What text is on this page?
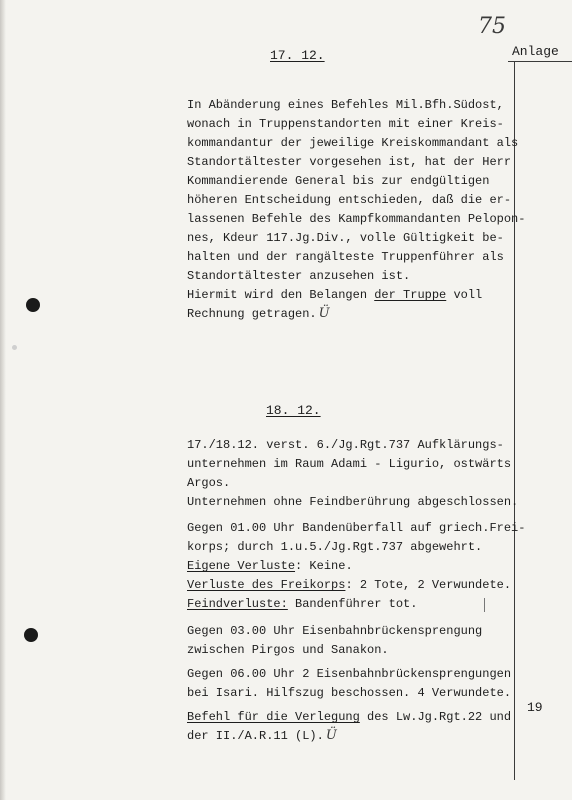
75
Anlage
17. 12.
In Abänderung eines Befehles Mil.Bfh.Südost,
wonach in Truppenstandorten mit einer Kreis-
kommandantur der jeweilige Kreiskommandant als
Standortältester vorgesehen ist, hat der Herr
Kommandierende General bis zur endgültigen
höheren Entscheidung entschieden, daß die er-
lassenen Befehle des Kampfkommandanten Pelopon-
nes, Kdeur 117.Jg.Div., volle Gültigkeit be-
halten und der rangälteste Truppenführer als
Standortältester anzusehen ist.
Hiermit wird den Belangen der Truppe voll
Rechnung getragen. Ü
18. 12.
17./18.12. verst. 6./Jg.Rgt.737 Aufklärungs-
unternehmen im Raum Adami - Ligurio, ostwärts
Argos.
Unternehmen ohne Feindberührung abgeschlossen.
Gegen 01.00 Uhr Bandenüberfall auf griech.Frei-
korps; durch 1.u.5./Jg.Rgt.737 abgewehrt.
Eigene Verluste: Keine.
Verluste des Freikorps: 2 Tote, 2 Verwundete.
Feindverluste: Bandenführer tot.
Gegen 03.00 Uhr Eisenbahnbrückensprengung
zwischen Pirgos und Sanakon.
Gegen 06.00 Uhr 2 Eisenbahnbrückensprengungen
bei Isari. Hilfszug beschossen. 4 Verwundete.
Befehl für die Verlegung des Lw.Jg.Rgt.22 und
der II./A.R.11 (L). Ü
19
